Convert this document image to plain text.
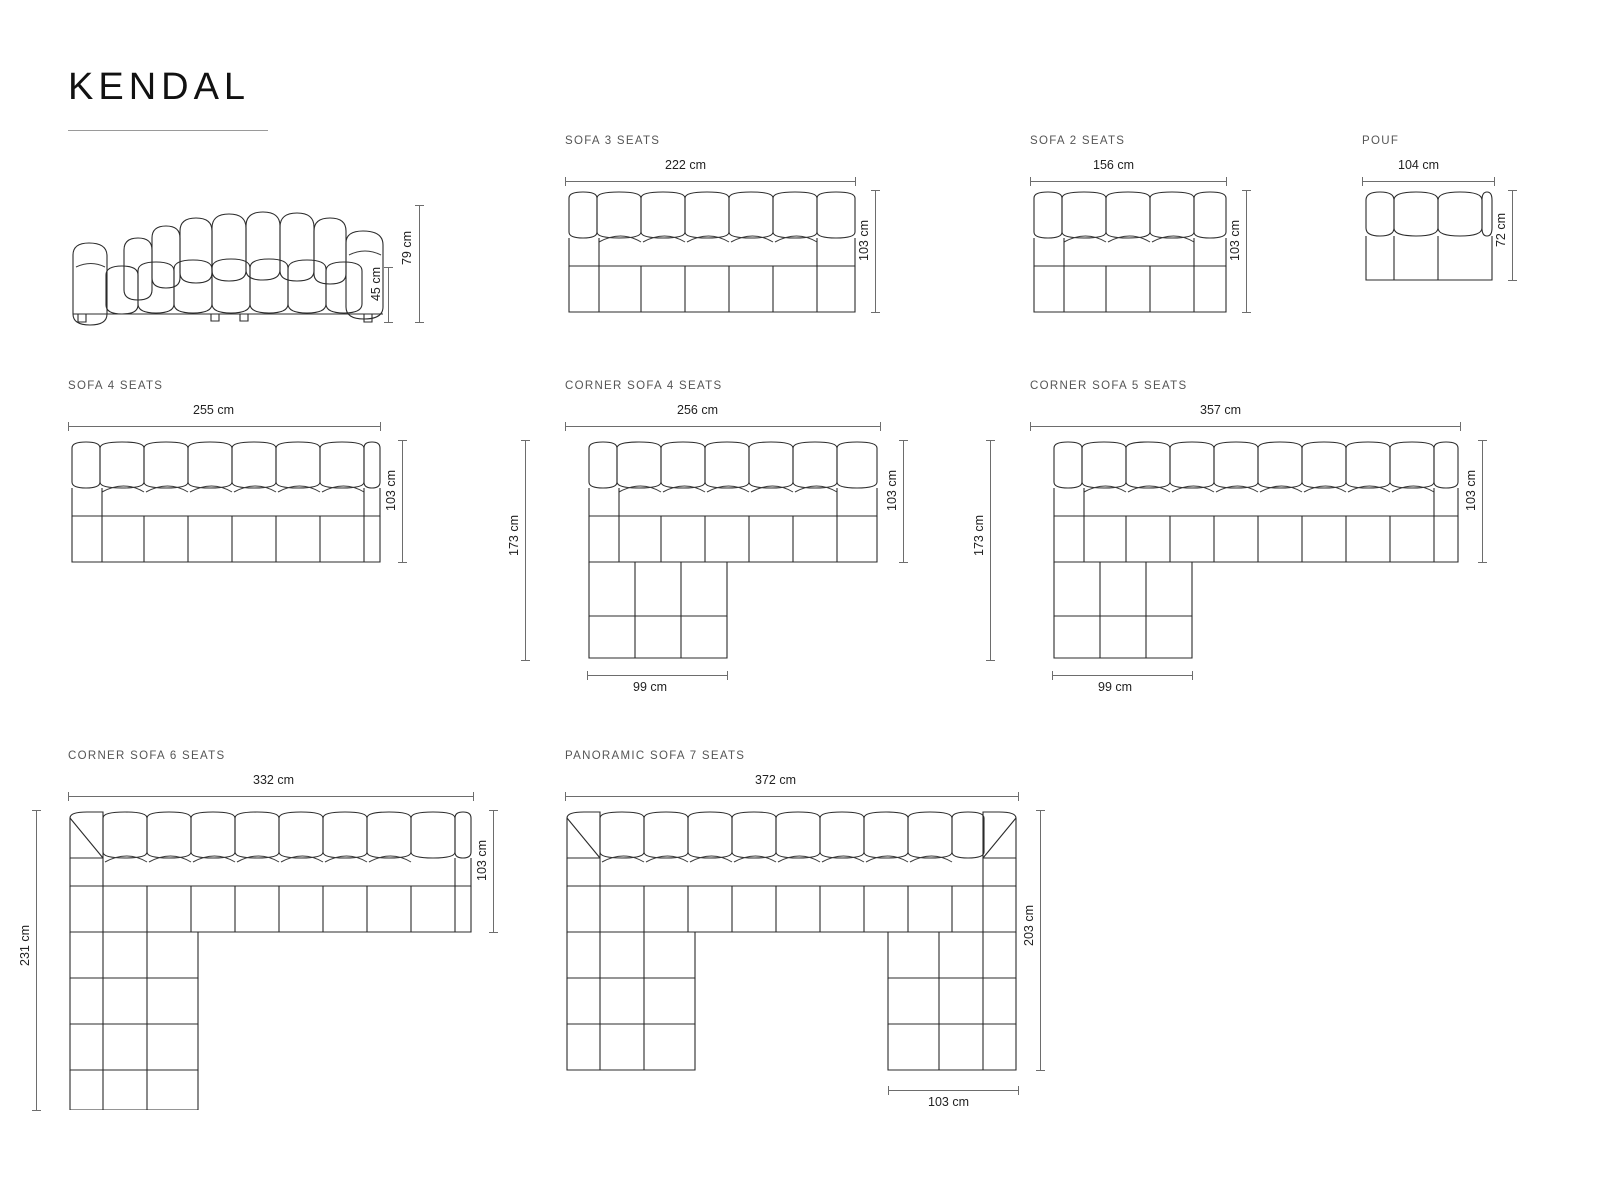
KENDAL
79 cm
45 cm
SOFA 3 SEATS
222 cm
103 cm
SOFA 2 SEATS
156 cm
103 cm
POUF
104 cm
72 cm
SOFA 4 SEATS
255 cm
103 cm
CORNER SOFA 4 SEATS
256 cm
103 cm
173 cm
99 cm
CORNER SOFA 5 SEATS
357 cm
103 cm
173 cm
99 cm
CORNER SOFA 6 SEATS
332 cm
103 cm
231 cm
PANORAMIC SOFA 7 SEATS
372 cm
203 cm
103 cm
